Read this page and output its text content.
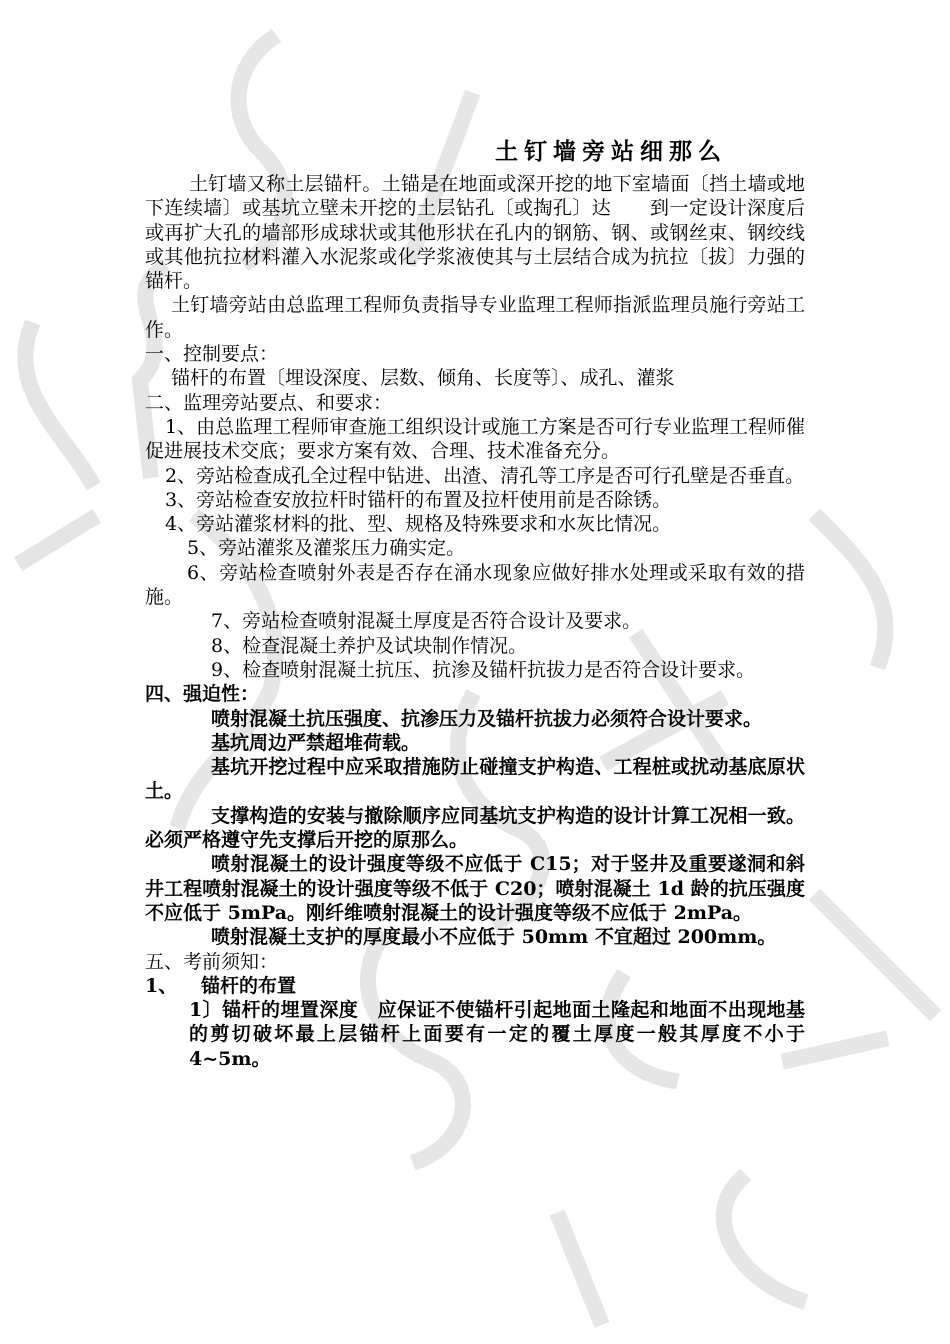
土钉墙旁站细那么

土钉墙又称土层锚杆。土锚是在地面或深开挖的地下室墙面〔挡土墙或地下连续墙〕或基坑立壁未开挖的土层钻孔〔或掏孔〕达　　到一定设计深度后或再扩大孔的墙部形成球状或其他形状在孔内的钢筋、钢、或钢丝束、钢绞线或其他抗拉材料灌入水泥浆或化学浆液使其与土层结合成为抗拉〔拔〕力强的锚杆。

土钉墙旁站由总监理工程师负责指导专业监理工程师指派监理员施行旁站工作。

一、控制要点：

锚杆的布置〔埋设深度、层数、倾角、长度等〕、成孔、灌浆

二、监理旁站要点、和要求：

1、由总监理工程师审查施工组织设计或施工方案是否可行专业监理工程师催促进展技术交底；要求方案有效、合理、技术准备充分。

2、旁站检查成孔全过程中钻进、出渣、清孔等工序是否可行孔壁是否垂直。

3、旁站检查安放拉杆时锚杆的布置及拉杆使用前是否除锈。

4、旁站灌浆材料的批、型、规格及特殊要求和水灰比情况。

5、旁站灌浆及灌浆压力确实定。

6、旁站检查喷射外表是否存在涌水现象应做好排水处理或采取有效的措施。

7、旁站检查喷射混凝土厚度是否符合设计及要求。

8、检查混凝土养护及试块制作情况。

9、检查喷射混凝土抗压、抗渗及锚杆抗拔力是否符合设计要求。

四、强迫性：

喷射混凝土抗压强度、抗渗压力及锚杆抗拔力必须符合设计要求。

基坑周边严禁超堆荷载。

基坑开挖过程中应采取措施防止碰撞支护构造、工程桩或扰动基底原状土。

支撑构造的安装与撤除顺序应同基坑支护构造的设计计算工况相一致。必须严格遵守先支撑后开挖的原那么。

喷射混凝土的设计强度等级不应低于 C15；对于竖井及重要遂洞和斜井工程喷射混凝土的设计强度等级不低于 C20；喷射混凝土 1d 龄的抗压强度不应低于 5mPa。刚纤维喷射混凝土的设计强度等级不应低于 2mPa。

喷射混凝土支护的厚度最小不应低于 50mm 不宜超过 200mm。

五、考前须知：

1、 锚杆的布置

1〕锚杆的埋置深度　应保证不使锚杆引起地面土隆起和地面不出现地基的剪切破坏最上层锚杆上面要有一定的覆土厚度一般其厚度不小于 4~5m。
